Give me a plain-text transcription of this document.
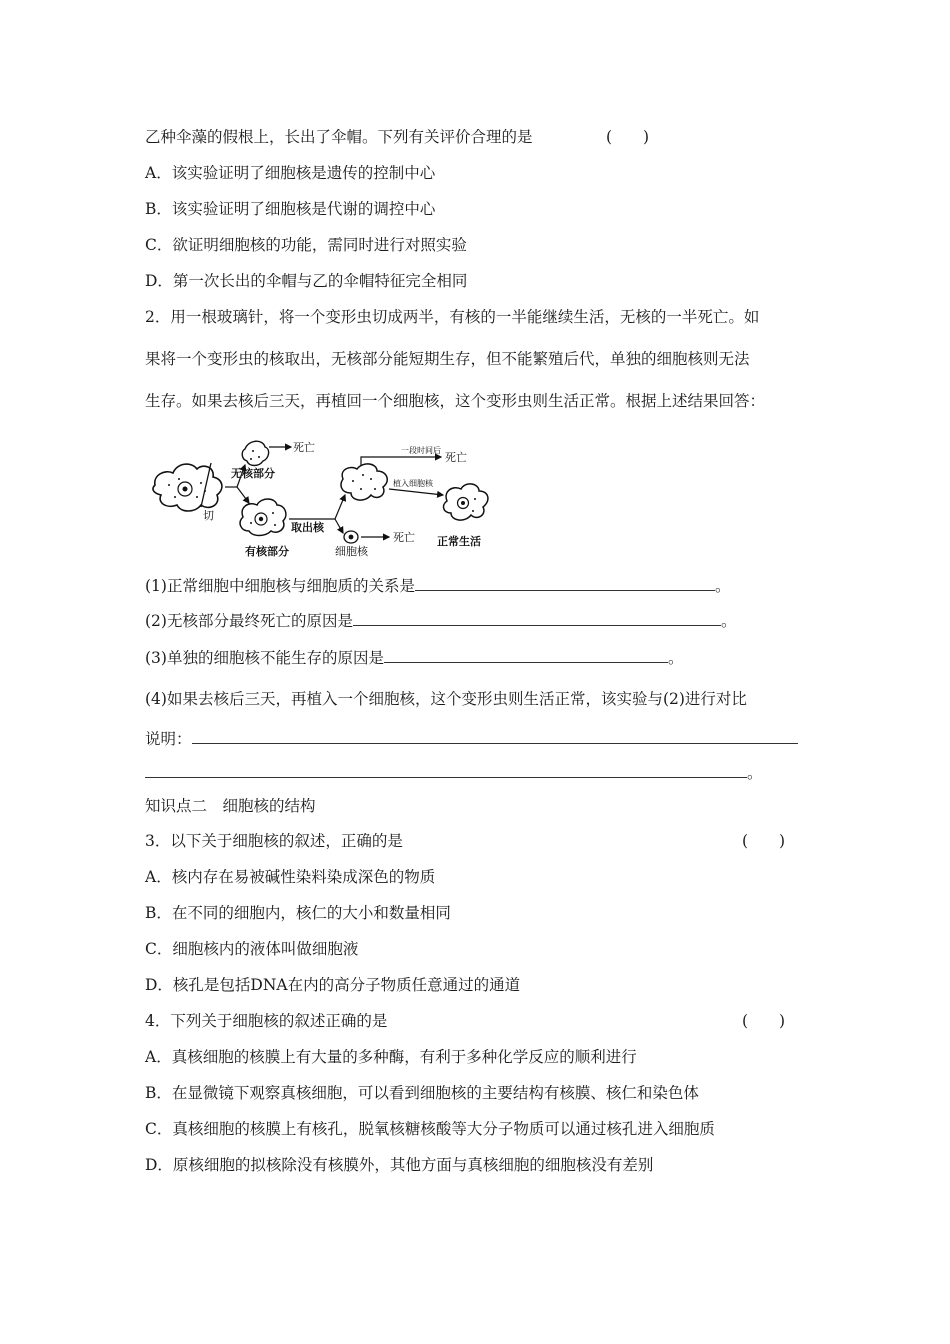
乙种伞藻的假根上，长出了伞帽。下列有关评价合理的是	(　　)
A．该实验证明了细胞核是遗传的控制中心
B．该实验证明了细胞核是代谢的调控中心
C．欲证明细胞核的功能，需同时进行对照实验
D．第一次长出的伞帽与乙的伞帽特征完全相同
2．用一根玻璃针，将一个变形虫切成两半，有核的一半能继续生活，无核的一半死亡。如
果将一个变形虫的核取出，无核部分能短期生存，但不能繁殖后代，单独的细胞核则无法
生存。如果去核后三天，再植回一个细胞核，这个变形虫则生活正常。根据上述结果回答：
切
死亡
无核部分
有核部分
取出核
一段时间后
死亡
植入细胞核
正常生活
死亡
细胞核
(1)正常细胞中细胞核与细胞质的关系是	。
(2)无核部分最终死亡的原因是	。
(3)单独的细胞核不能生存的原因是	。
(4)如果去核后三天，再植入一个细胞核，这个变形虫则生活正常，该实验与(2)进行对比
说明：
。
知识点二　细胞核的结构
3．以下关于细胞核的叙述，正确的是	(　　)
A．核内存在易被碱性染料染成深色的物质
B．在不同的细胞内，核仁的大小和数量相同
C．细胞核内的液体叫做细胞液
D．核孔是包括DNA在内的高分子物质任意通过的通道
4．下列关于细胞核的叙述正确的是	(　　)
A．真核细胞的核膜上有大量的多种酶，有利于多种化学反应的顺利进行
B．在显微镜下观察真核细胞，可以看到细胞核的主要结构有核膜、核仁和染色体
C．真核细胞的核膜上有核孔，脱氧核糖核酸等大分子物质可以通过核孔进入细胞质
D．原核细胞的拟核除没有核膜外，其他方面与真核细胞的细胞核没有差别
